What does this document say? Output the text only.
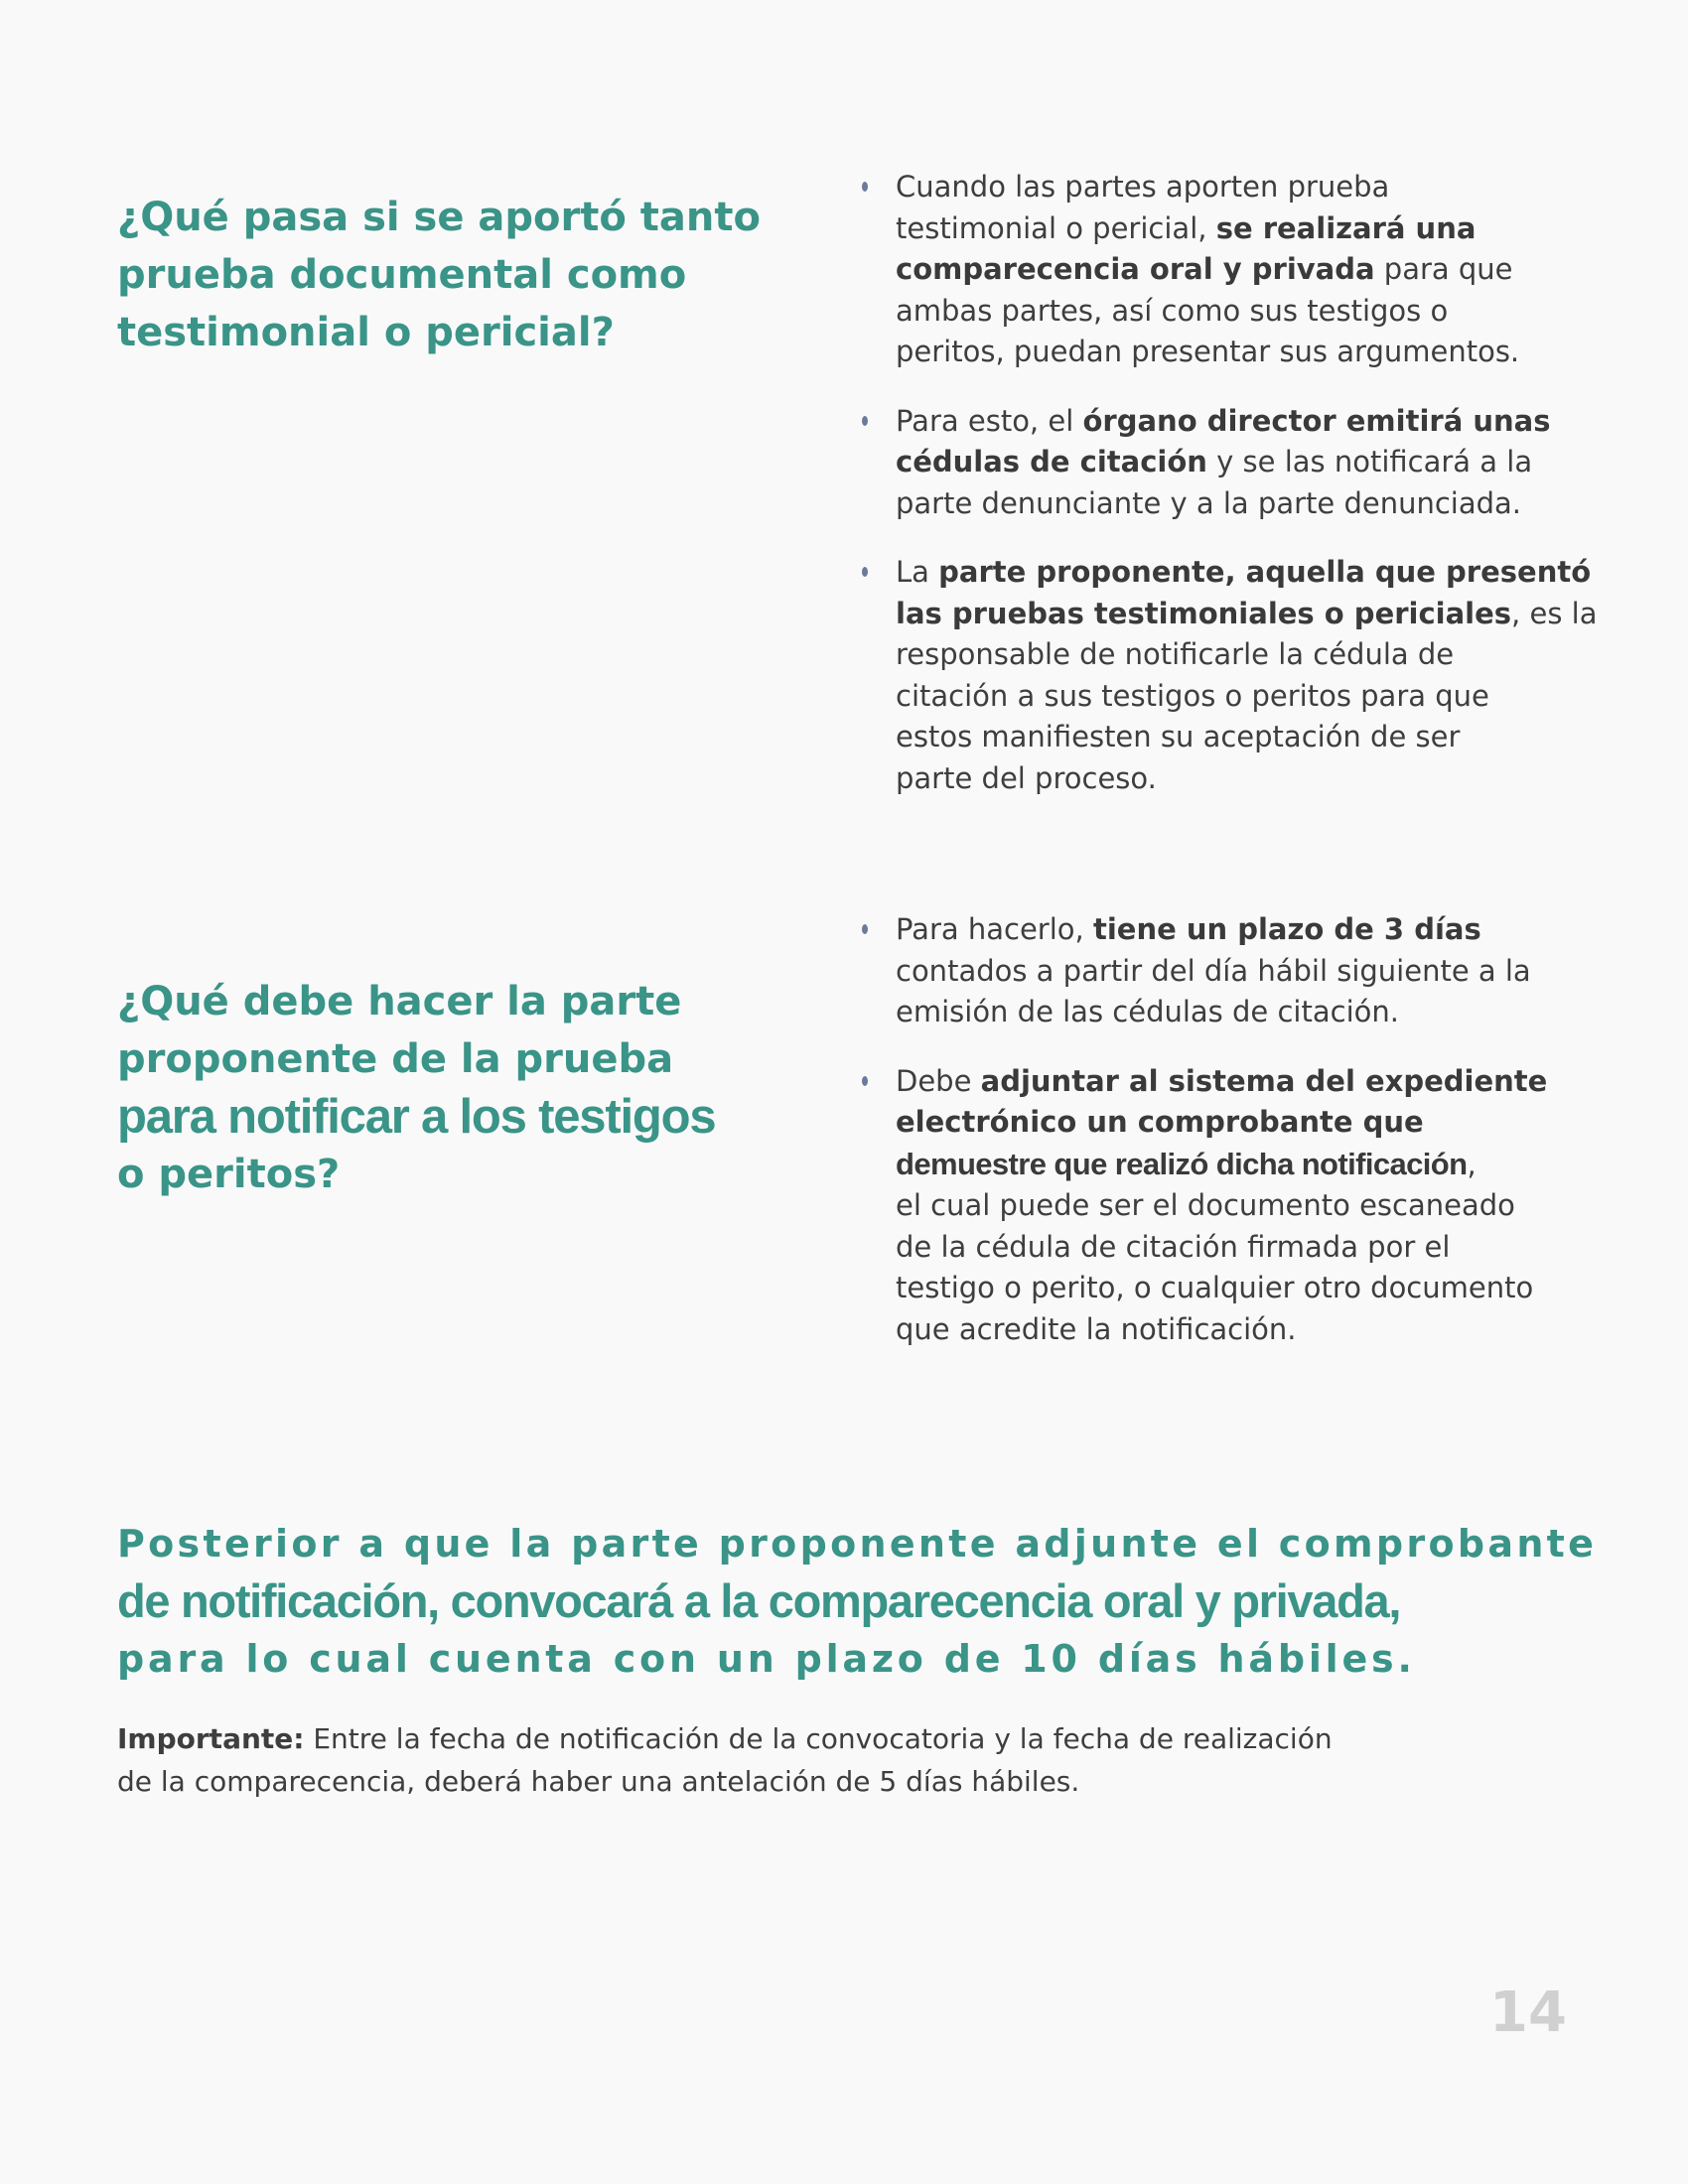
¿Qué pasa si se aportó tanto
prueba documental como
testimonial o pericial?
Cuando las partes aporten prueba
testimonial o pericial, se realizará una
comparecencia oral y privada para que
ambas partes, así como sus testigos o
peritos, puedan presentar sus argumentos.
Para esto, el órgano director emitirá unas
cédulas de citación y se las notificará a la
parte denunciante y a la parte denunciada.
La parte proponente, aquella que presentó
las pruebas testimoniales o periciales, es la
responsable de notificarle la cédula de
citación a sus testigos o peritos para que
estos manifiesten su aceptación de ser
parte del proceso.
¿Qué debe hacer la parte
proponente de la prueba
para notificar a los testigos
o peritos?
Para hacerlo, tiene un plazo de 3 días
contados a partir del día hábil siguiente a la
emisión de las cédulas de citación.
Debe adjuntar al sistema del expediente
electrónico un comprobante que
demuestre que realizó dicha notificación,
el cual puede ser el documento escaneado
de la cédula de citación firmada por el
testigo o perito, o cualquier otro documento
que acredite la notificación.

Posterior a que la parte proponente adjunte el comprobante
de notificación, convocará a la comparecencia oral y privada,
para lo cual cuenta con un plazo de 10 días hábiles.

Importante: Entre la fecha de notificación de la convocatoria y la fecha de realización
de la comparecencia, deberá haber una antelación de 5 días hábiles.

14
